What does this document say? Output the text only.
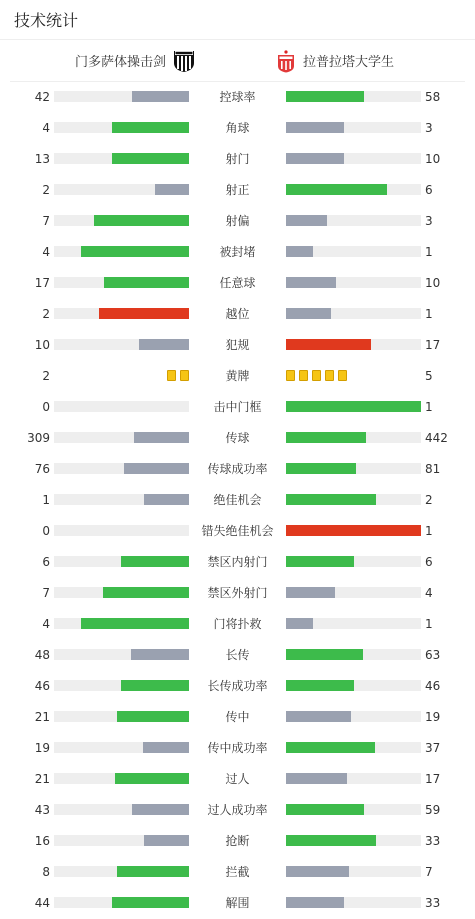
技术统计
门多萨体操击剑	拉普拉塔大学生
42	控球率	58
4	角球	3
13	射门	10
2	射正	6
7	射偏	3
4	被封堵	1
17	任意球	10
2	越位	1
10	犯规	17
2	黄牌	5
0	击中门框	1
309	传球	442
76	传球成功率	81
1	绝佳机会	2
0	错失绝佳机会	1
6	禁区内射门	6
7	禁区外射门	4
4	门将扑救	1
48	长传	63
46	长传成功率	46
21	传中	19
19	传中成功率	37
21	过人	17
43	过人成功率	59
16	抢断	33
8	拦截	7
44	解围	33
